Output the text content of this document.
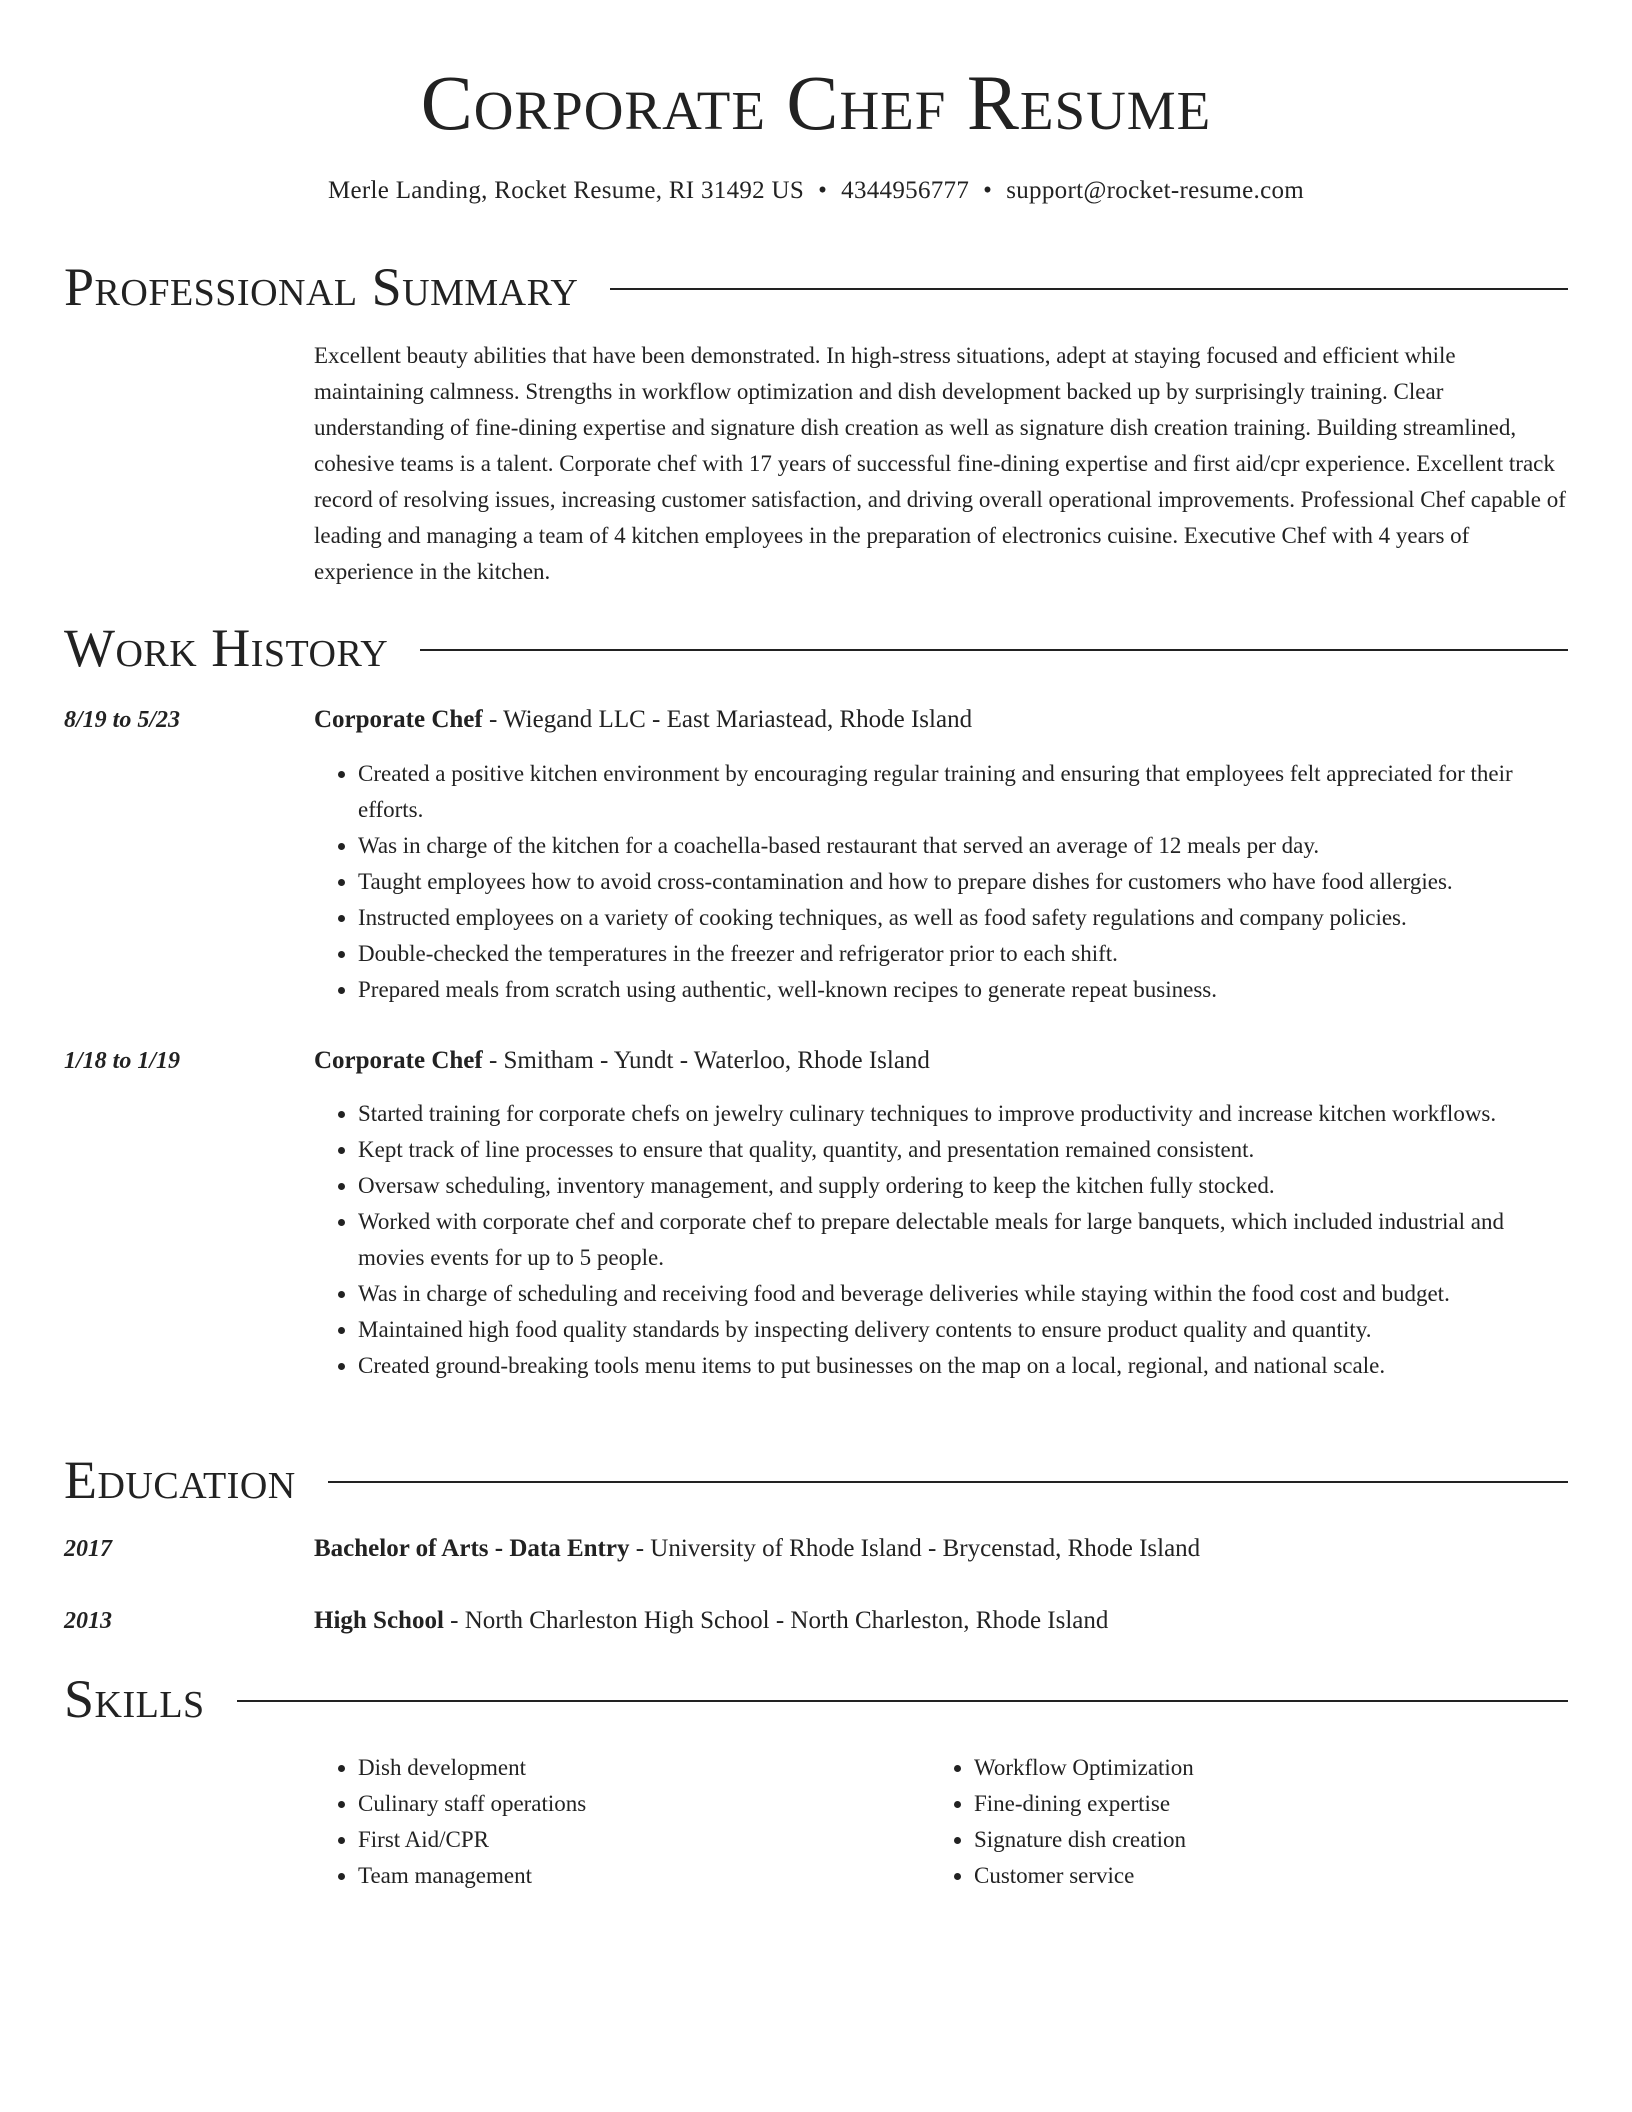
Corporate Chef Resume
Merle Landing, Rocket Resume, RI 31492 US • 4344956777 • support@rocket-resume.com
Professional Summary
Excellent beauty abilities that have been demonstrated. In high-stress situations, adept at staying focused and efficient while maintaining calmness. Strengths in workflow optimization and dish development backed up by surprisingly training. Clear understanding of fine-dining expertise and signature dish creation as well as signature dish creation training. Building streamlined, cohesive teams is a talent. Corporate chef with 17 years of successful fine-dining expertise and first aid/cpr experience. Excellent track record of resolving issues, increasing customer satisfaction, and driving overall operational improvements. Professional Chef capable of leading and managing a team of 4 kitchen employees in the preparation of electronics cuisine. Executive Chef with 4 years of experience in the kitchen.
Work History
8/19 to 5/23	Corporate Chef - Wiegand LLC - East Mariastead, Rhode Island
• Created a positive kitchen environment by encouraging regular training and ensuring that employees felt appreciated for their efforts.
• Was in charge of the kitchen for a coachella-based restaurant that served an average of 12 meals per day.
• Taught employees how to avoid cross-contamination and how to prepare dishes for customers who have food allergies.
• Instructed employees on a variety of cooking techniques, as well as food safety regulations and company policies.
• Double-checked the temperatures in the freezer and refrigerator prior to each shift.
• Prepared meals from scratch using authentic, well-known recipes to generate repeat business.
1/18 to 1/19	Corporate Chef - Smitham - Yundt - Waterloo, Rhode Island
• Started training for corporate chefs on jewelry culinary techniques to improve productivity and increase kitchen workflows.
• Kept track of line processes to ensure that quality, quantity, and presentation remained consistent.
• Oversaw scheduling, inventory management, and supply ordering to keep the kitchen fully stocked.
• Worked with corporate chef and corporate chef to prepare delectable meals for large banquets, which included industrial and movies events for up to 5 people.
• Was in charge of scheduling and receiving food and beverage deliveries while staying within the food cost and budget.
• Maintained high food quality standards by inspecting delivery contents to ensure product quality and quantity.
• Created ground-breaking tools menu items to put businesses on the map on a local, regional, and national scale.
Education
2017	Bachelor of Arts - Data Entry - University of Rhode Island - Brycenstad, Rhode Island
2013	High School - North Charleston High School - North Charleston, Rhode Island
Skills
• Dish development
• Culinary staff operations
• First Aid/CPR
• Team management
• Workflow Optimization
• Fine-dining expertise
• Signature dish creation
• Customer service
